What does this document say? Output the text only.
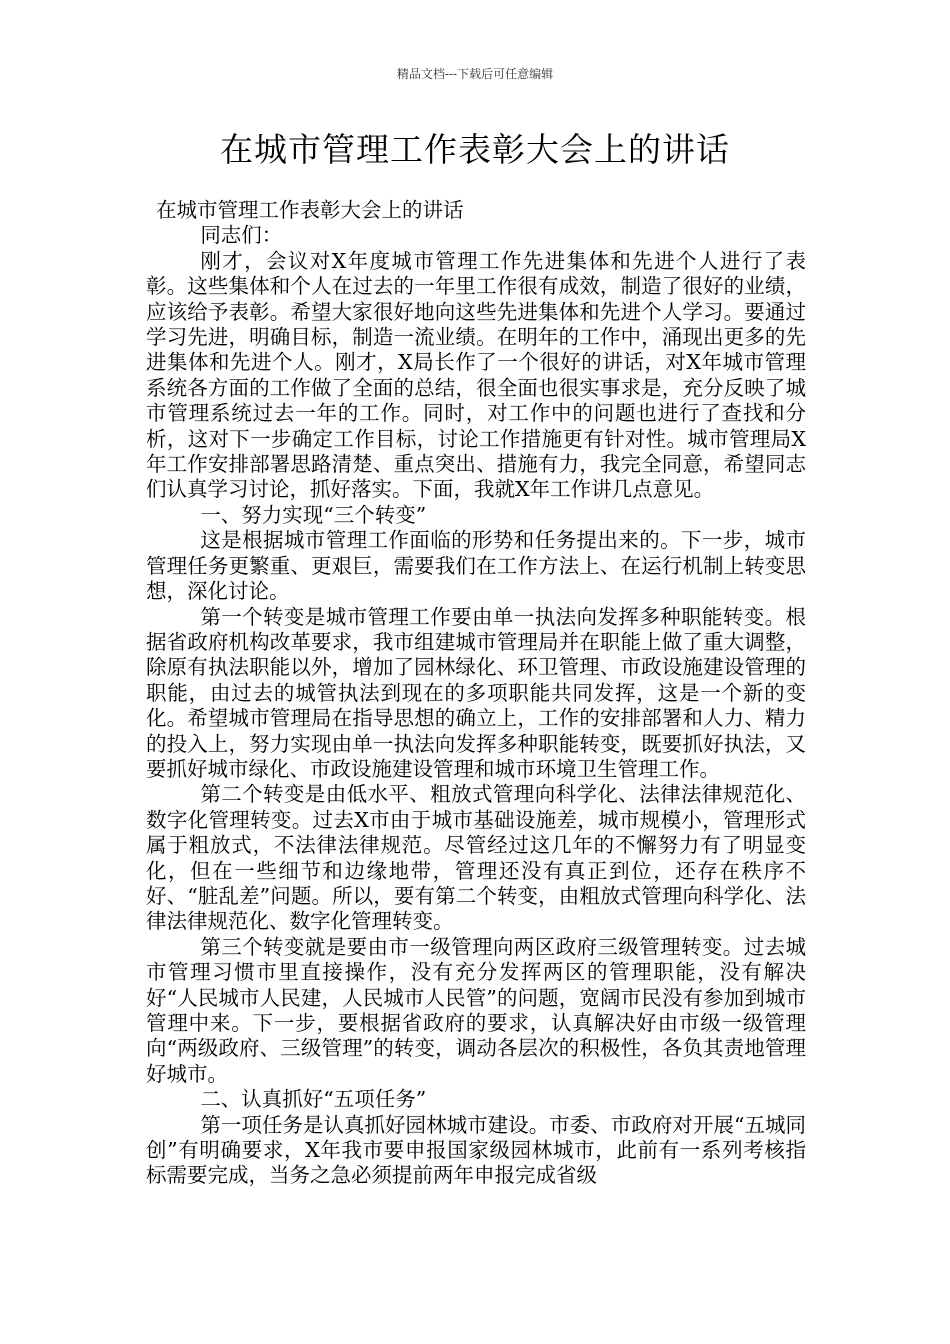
精品文档---下载后可任意编辑
在城市管理工作表彰大会上的讲话

在城市管理工作表彰大会上的讲话

同志们：

刚才，会议对X年度城市管理工作先进集体和先进个人进行了表彰。这些集体和个人在过去的一年里工作很有成效，制造了很好的业绩，应该给予表彰。希望大家很好地向这些先进集体和先进个人学习。要通过学习先进，明确目标，制造一流业绩。在明年的工作中，涌现出更多的先进集体和先进个人。刚才，X局长作了一个很好的讲话，对X年城市管理系统各方面的工作做了全面的总结，很全面也很实事求是，充分反映了城市管理系统过去一年的工作。同时，对工作中的问题也进行了查找和分析，这对下一步确定工作目标，讨论工作措施更有针对性。城市管理局X年工作安排部署思路清楚、重点突出、措施有力，我完全同意，希望同志们认真学习讨论，抓好落实。下面，我就X年工作讲几点意见。

一、努力实现“三个转变”

这是根据城市管理工作面临的形势和任务提出来的。下一步，城市管理任务更繁重、更艰巨，需要我们在工作方法上、在运行机制上转变思想，深化讨论。

第一个转变是城市管理工作要由单一执法向发挥多种职能转变。根据省政府机构改革要求，我市组建城市管理局并在职能上做了重大调整，除原有执法职能以外，增加了园林绿化、环卫管理、市政设施建设管理的职能，由过去的城管执法到现在的多项职能共同发挥，这是一个新的变化。希望城市管理局在指导思想的确立上，工作的安排部署和人力、精力的投入上，努力实现由单一执法向发挥多种职能转变，既要抓好执法，又要抓好城市绿化、市政设施建设管理和城市环境卫生管理工作。

第二个转变是由低水平、粗放式管理向科学化、法律法律规范化、数字化管理转变。过去X市由于城市基础设施差，城市规模小，管理形式属于粗放式，不法律法律规范。尽管经过这几年的不懈努力有了明显变化，但在一些细节和边缘地带，管理还没有真正到位，还存在秩序不好、“脏乱差”问题。所以，要有第二个转变，由粗放式管理向科学化、法律法律规范化、数字化管理转变。

第三个转变就是要由市一级管理向两区政府三级管理转变。过去城市管理习惯市里直接操作，没有充分发挥两区的管理职能，没有解决好“人民城市人民建，人民城市人民管”的问题，宽阔市民没有参加到城市管理中来。下一步，要根据省政府的要求，认真解决好由市级一级管理向“两级政府、三级管理”的转变，调动各层次的积极性，各负其责地管理好城市。

二、认真抓好“五项任务”

第一项任务是认真抓好园林城市建设。市委、市政府对开展“五城同创”有明确要求，X年我市要申报国家级园林城市，此前有一系列考核指标需要完成，当务之急必须提前两年申报完成省级
